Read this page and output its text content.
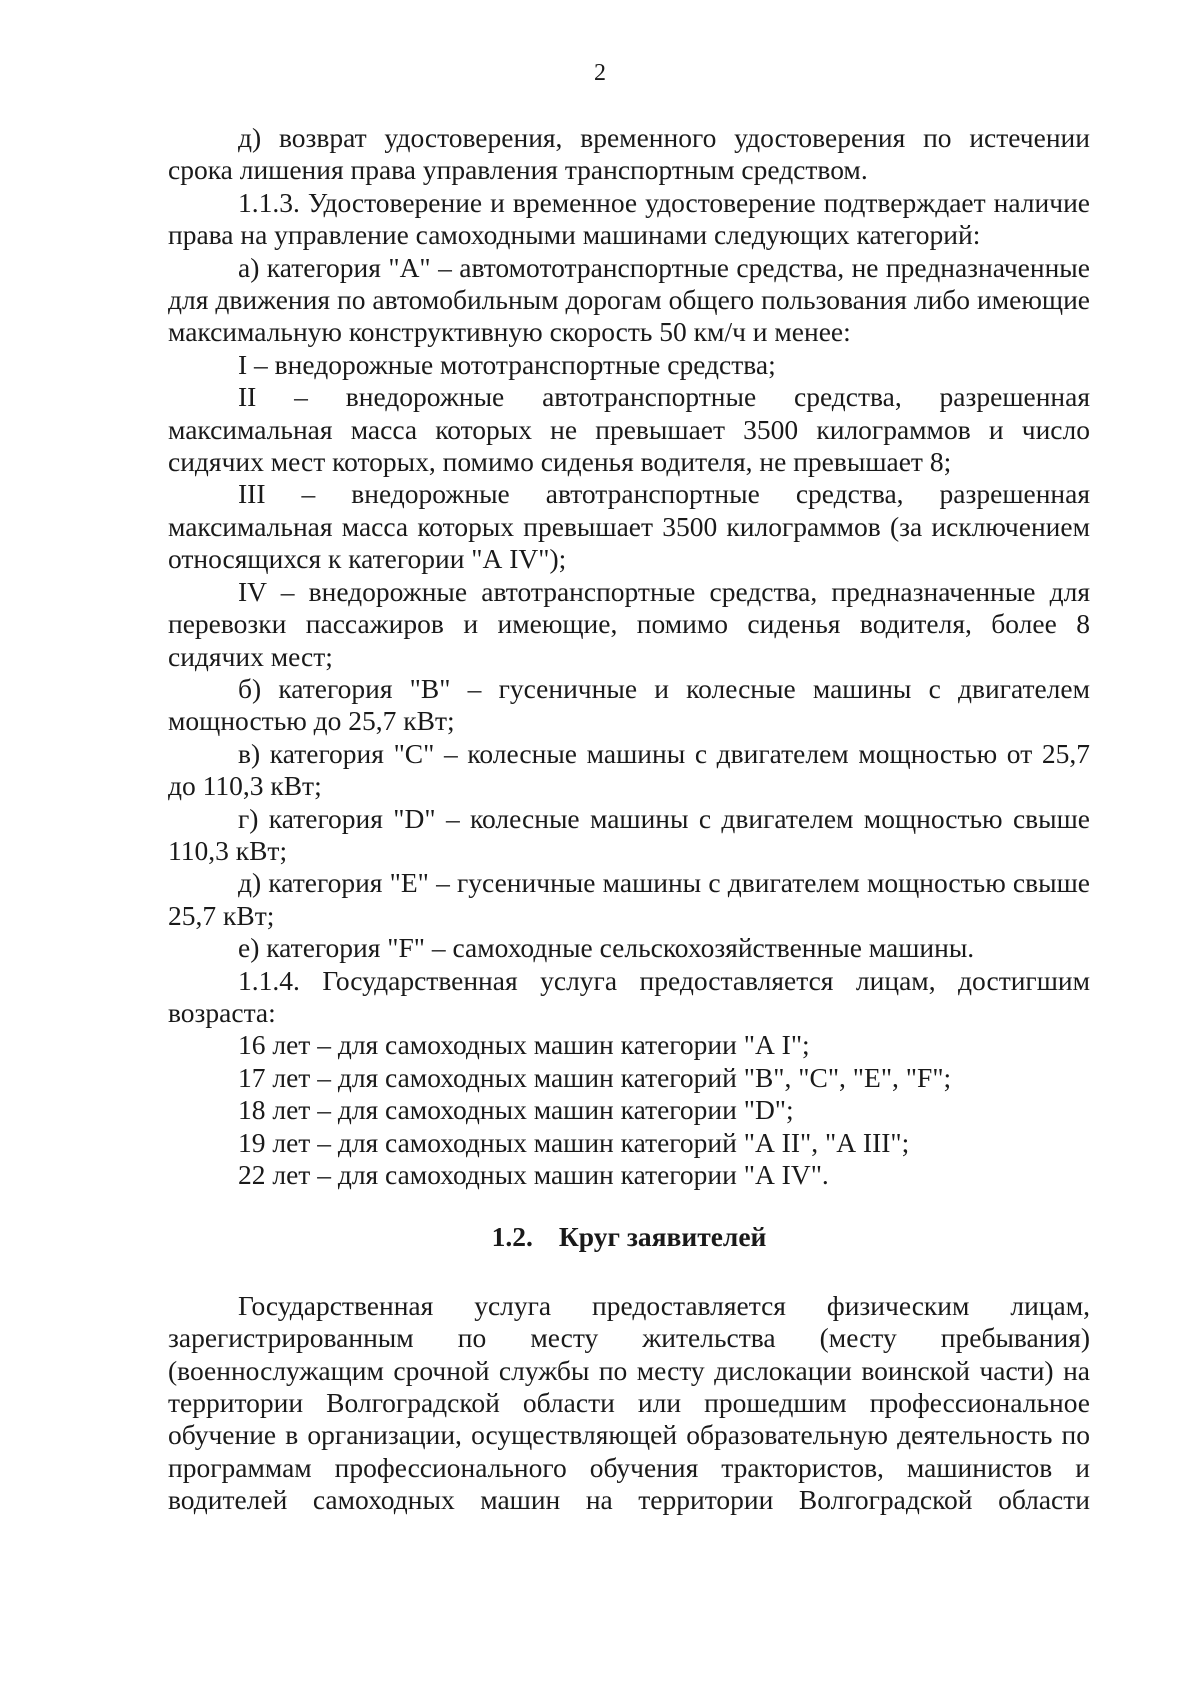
2

д) возврат удостоверения, временного удостоверения по истечении срока лишения права управления транспортным средством.

1.1.3. Удостоверение и временное удостоверение подтверждает наличие права на управление самоходными машинами следующих категорий:

а) категория "А" – автомототранспортные средства, не предназначенные для движения по автомобильным дорогам общего пользования либо имеющие максимальную конструктивную скорость 50 км/ч и менее:

I – внедорожные мототранспортные средства;

II – внедорожные автотранспортные средства, разрешенная максимальная масса которых не превышает 3500 килограммов и число сидячих мест которых, помимо сиденья водителя, не превышает 8;

III – внедорожные автотранспортные средства, разрешенная максимальная масса которых превышает 3500 килограммов (за исключением относящихся к категории "А IV");

IV – внедорожные автотранспортные средства, предназначенные для перевозки пассажиров и имеющие, помимо сиденья водителя, более 8 сидячих мест;

б) категория "В" – гусеничные и колесные машины с двигателем мощностью до 25,7 кВт;

в) категория "С" – колесные машины с двигателем мощностью от 25,7 до 110,3 кВт;

г) категория "D" – колесные машины с двигателем мощностью свыше 110,3 кВт;

д) категория "Е" – гусеничные машины с двигателем мощностью свыше 25,7 кВт;

е) категория "F" – самоходные сельскохозяйственные машины.

1.1.4. Государственная услуга предоставляется лицам, достигшим возраста:

16 лет – для самоходных машин категории "А I";

17 лет – для самоходных машин категорий "В", "С", "Е", "F";

18 лет – для самоходных машин категории "D";

19 лет – для самоходных машин категорий "А II", "А III";

22 лет – для самоходных машин категории "А IV".

1.2. Круг заявителей

Государственная услуга предоставляется физическим лицам, зарегистрированным по месту жительства (месту пребывания) (военнослужащим срочной службы по месту дислокации воинской части) на территории Волгоградской области или прошедшим профессиональное обучение в организации, осуществляющей образовательную деятельность по программам профессионального обучения трактористов, машинистов и водителей самоходных машин на территории Волгоградской области
